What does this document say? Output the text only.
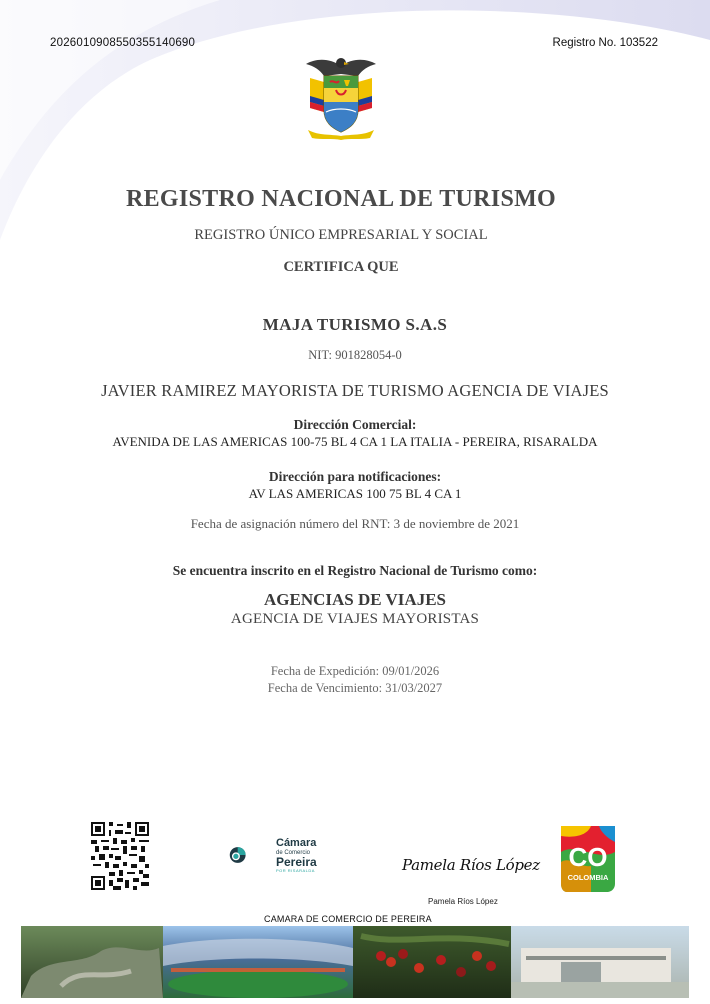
20260109085503551406​90	Registro No. 103522
REGISTRO NACIONAL DE TURISMO
REGISTRO ÚNICO EMPRESARIAL Y SOCIAL
CERTIFICA QUE
MAJA TURISMO S.A.S
NIT: 901828054-0
JAVIER RAMIREZ MAYORISTA DE TURISMO AGENCIA DE VIAJES
Dirección Comercial:
AVENIDA DE LAS AMERICAS 100-75 BL 4 CA 1 LA ITALIA - PEREIRA, RISARALDA
Dirección para notificaciones:
AV LAS AMERICAS 100 75 BL 4 CA 1
Fecha de asignación número del RNT: 3 de noviembre de 2021
Se encuentra inscrito en el Registro Nacional de Turismo como:
AGENCIAS DE VIAJES
AGENCIA DE VIAJES MAYORISTAS
Fecha de Expedición: 09/01/2026
Fecha de Vencimiento: 31/03/2027
Cámara
de Comercio
Pereira
POR RISARALDA	Pamela Ríos López
Pamela Ríos López
CO
COLOMBIA
CAMARA DE COMERCIO DE PEREIRA
